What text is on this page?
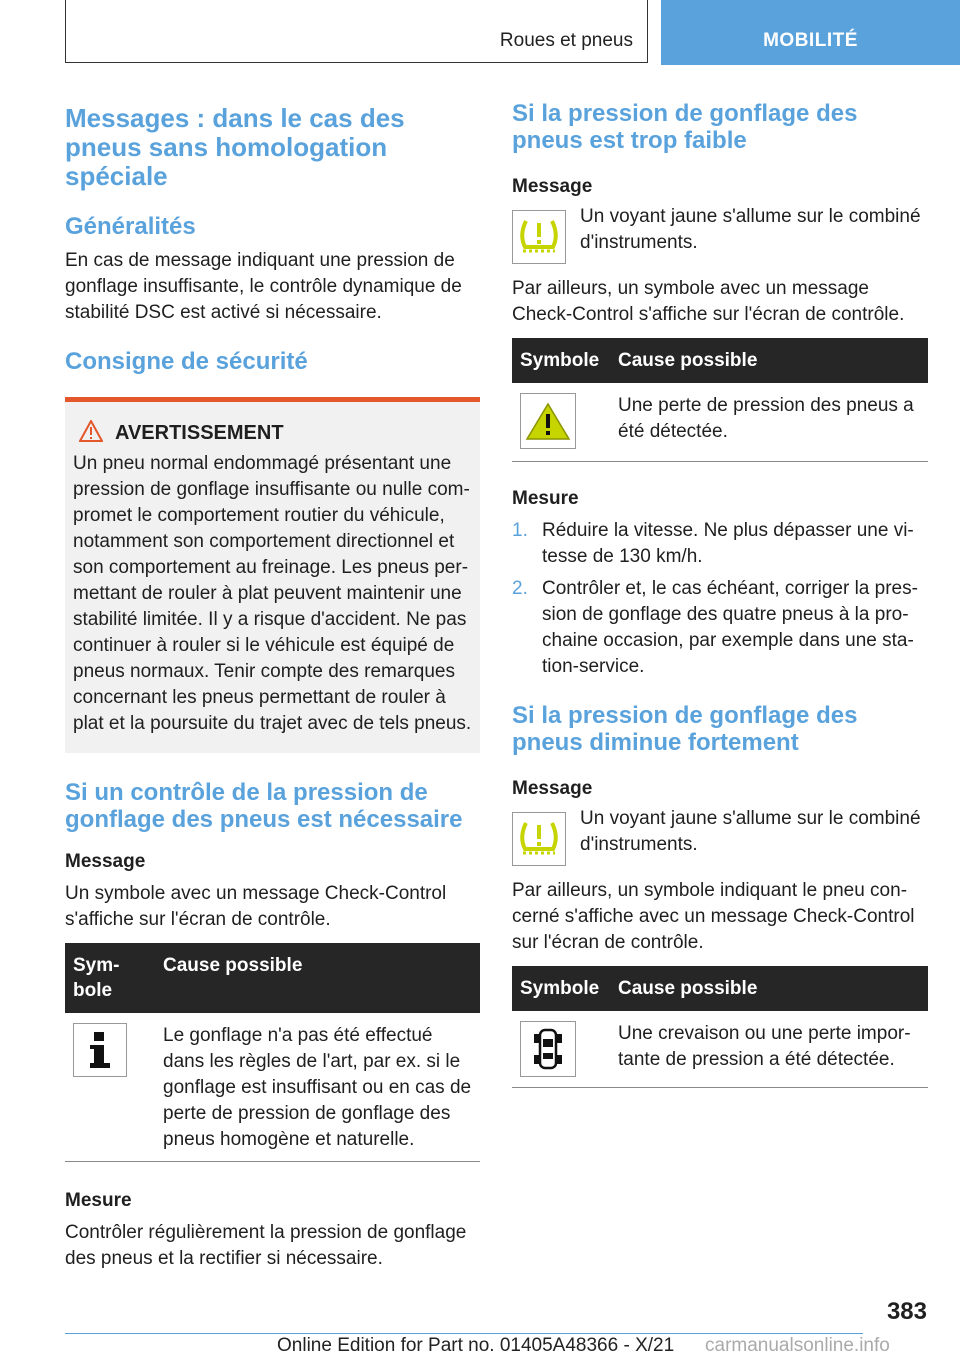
Roues et pneus	MOBILITÉ
Messages : dans le cas des pneus sans homologation spéciale
Généralités

En cas de message indiquant une pression de gonflage insuffisante, le contrôle dynamique de stabilité DSC est activé si nécessaire.

Consigne de sécurité
AVERTISSEMENT

Un pneu normal endommagé présentant une pression de gonflage insuffisante ou nulle compromet le comportement routier du véhicule, notamment son comportement directionnel et son comportement au freinage. Les pneus permettant de rouler à plat peuvent maintenir une stabilité limitée. Il y a risque d'accident. Ne pas continuer à rouler si le véhicule est équipé de pneus normaux. Tenir compte des remarques concernant les pneus permettant de rouler à plat et la poursuite du trajet avec de tels pneus.

Si un contrôle de la pression de gonflage des pneus est nécessaire
Message

Un symbole avec un message Check-Control s'affiche sur l'écran de contrôle.

Symbole	Cause possible

	Le gonflage n'a pas été effectué dans les règles de l'art, par ex. si le gonflage est insuffisant ou en cas de perte de pression de gonflage des pneus homogène et naturelle.
Mesure

Contrôler régulièrement la pression de gonflage des pneus et la rectifier si nécessaire.

Si la pression de gonflage des pneus est trop faible
Message

Un voyant jaune s'allume sur le combiné d'instruments.

Par ailleurs, un symbole avec un message Check-Control s'affiche sur l'écran de contrôle.

Symbole	Cause possible

	Une perte de pression des pneus a été détectée.
Mesure
1. Réduire la vitesse. Ne plus dépasser une vitesse de 130 km/h.
2. Contrôler et, le cas échéant, corriger la pression de gonflage des quatre pneus à la prochaine occasion, par exemple dans une station-service.
Si la pression de gonflage des pneus diminue fortement
Message

Un voyant jaune s'allume sur le combiné d'instruments.

Par ailleurs, un symbole indiquant le pneu concerné s'affiche avec un message Check-Control sur l'écran de contrôle.

Symbole	Cause possible

	Une crevaison ou une perte importante de pression a été détectée.
383
Online Edition for Part no. 01405A48366 - X/21 carmanualsonline.info
